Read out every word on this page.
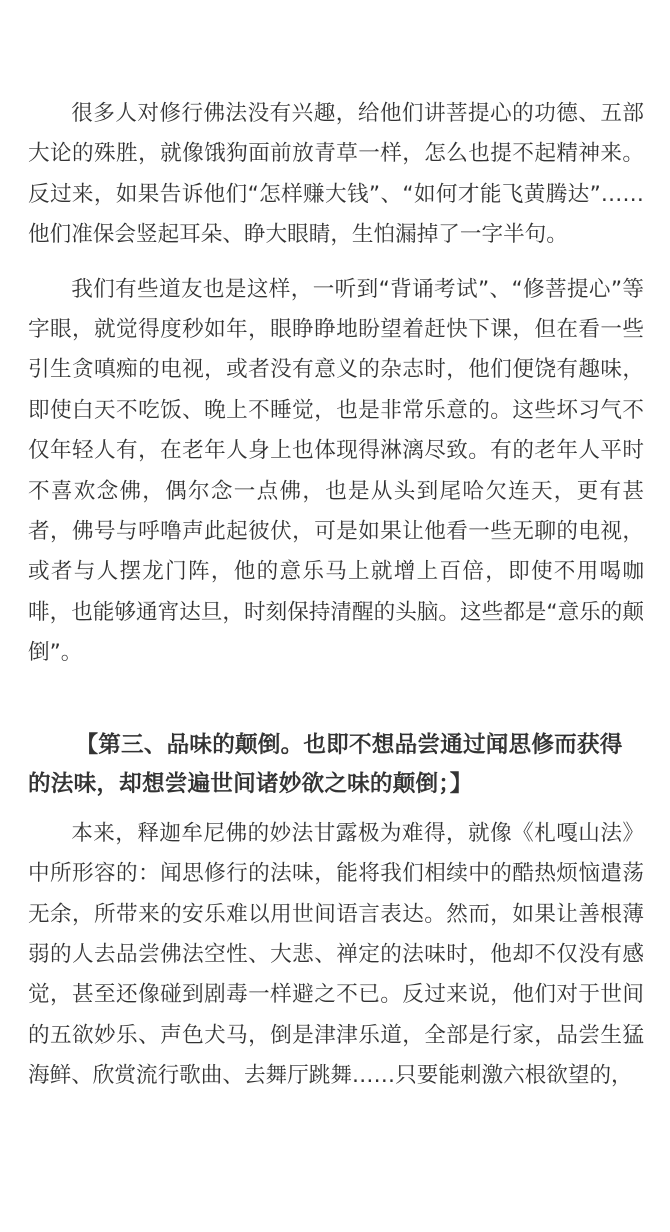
很多人对修行佛法没有兴趣，给他们讲菩提心的功德、五部大论的殊胜，就像饿狗面前放青草一样，怎么也提不起精神来。反过来，如果告诉他们“怎样赚大钱”、“如何才能飞黄腾达”……他们准保会竖起耳朵、睁大眼睛，生怕漏掉了一字半句。

我们有些道友也是这样，一听到“背诵考试”、“修菩提心”等字眼，就觉得度秒如年，眼睁睁地盼望着赶快下课，但在看一些引生贪嗔痴的电视，或者没有意义的杂志时，他们便饶有趣味，即使白天不吃饭、晚上不睡觉，也是非常乐意的。这些坏习气不仅年轻人有，在老年人身上也体现得淋漓尽致。有的老年人平时不喜欢念佛，偶尔念一点佛，也是从头到尾哈欠连天，更有甚者，佛号与呼噜声此起彼伏，可是如果让他看一些无聊的电视，或者与人摆龙门阵，他的意乐马上就增上百倍，即使不用喝咖啡，也能够通宵达旦，时刻保持清醒的头脑。这些都是“意乐的颠倒”。

【第三、品味的颠倒。也即不想品尝通过闻思修而获得的法味，却想尝遍世间诸妙欲之味的颠倒；】

本来，释迦牟尼佛的妙法甘露极为难得，就像《札嘎山法》中所形容的：闻思修行的法味，能将我们相续中的酷热烦恼遣荡无余，所带来的安乐难以用世间语言表达。然而，如果让善根薄弱的人去品尝佛法空性、大悲、禅定的法味时，他却不仅没有感觉，甚至还像碰到剧毒一样避之不已。反过来说，他们对于世间的五欲妙乐、声色犬马，倒是津津乐道，全部是行家，品尝生猛海鲜、欣赏流行歌曲、去舞厅跳舞……只要能刺激六根欲望的，
